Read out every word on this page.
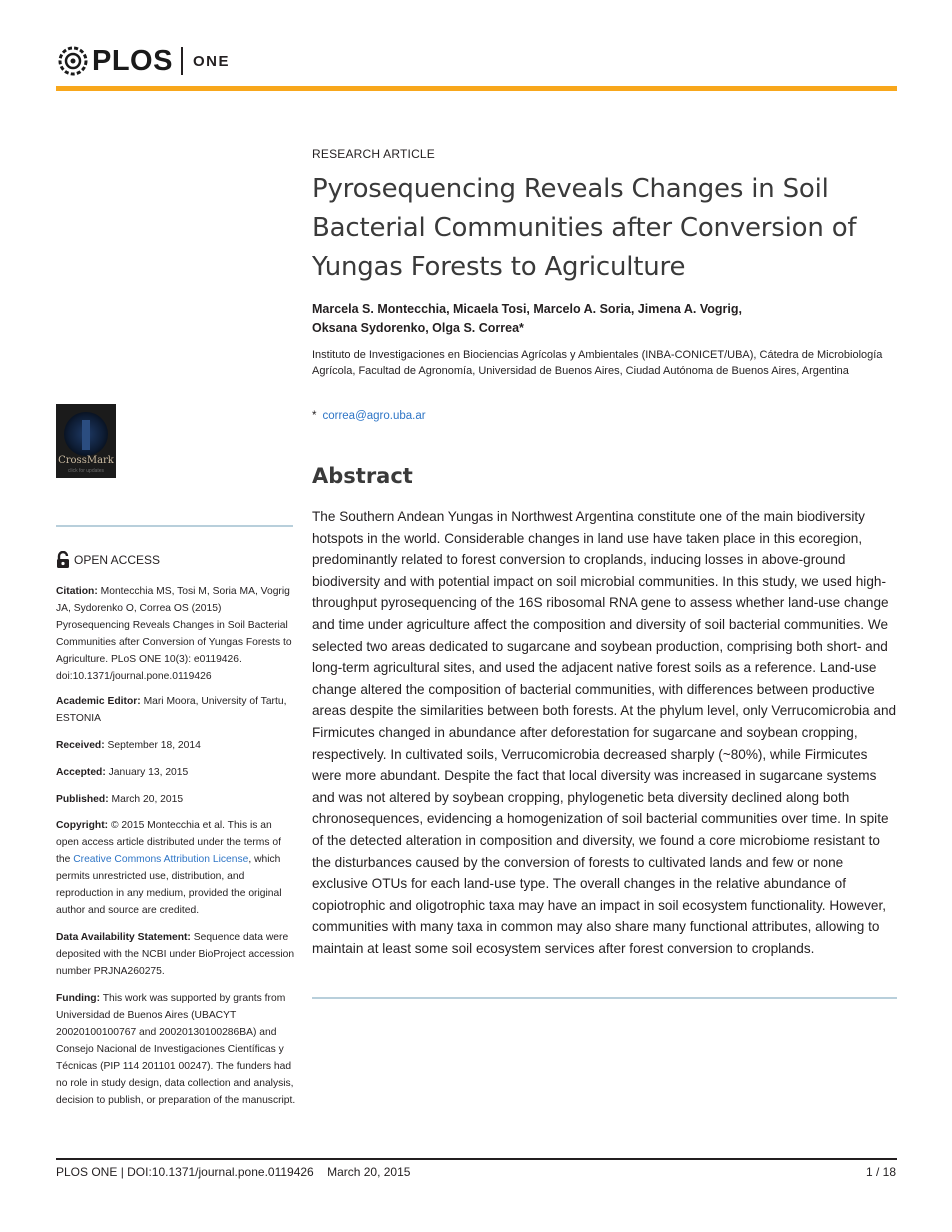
PLOS ONE
CrossMark
click for updates
OPEN ACCESS
Citation: Montecchia MS, Tosi M, Soria MA, Vogrig JA, Sydorenko O, Correa OS (2015) Pyrosequencing Reveals Changes in Soil Bacterial Communities after Conversion of Yungas Forests to Agriculture. PLoS ONE 10(3): e0119426. doi:10.1371/journal.pone.0119426
Academic Editor: Mari Moora, University of Tartu, ESTONIA
Received: September 18, 2014
Accepted: January 13, 2015
Published: March 20, 2015
Copyright: © 2015 Montecchia et al. This is an open access article distributed under the terms of the Creative Commons Attribution License, which permits unrestricted use, distribution, and reproduction in any medium, provided the original author and source are credited.
Data Availability Statement: Sequence data were deposited with the NCBI under BioProject accession number PRJNA260275.
Funding: This work was supported by grants from Universidad de Buenos Aires (UBACYT 20020100100767 and 20020130100286BA) and Consejo Nacional de Investigaciones Científicas y Técnicas (PIP 114 201101 00247). The funders had no role in study design, data collection and analysis, decision to publish, or preparation of the manuscript.
RESEARCH ARTICLE
Pyrosequencing Reveals Changes in Soil Bacterial Communities after Conversion of Yungas Forests to Agriculture
Marcela S. Montecchia, Micaela Tosi, Marcelo A. Soria, Jimena A. Vogrig,
Oksana Sydorenko, Olga S. Correa*
Instituto de Investigaciones en Biociencias Agrícolas y Ambientales (INBA-CONICET/UBA), Cátedra de Microbiología Agrícola, Facultad de Agronomía, Universidad de Buenos Aires, Ciudad Autónoma de Buenos Aires, Argentina
* correa@agro.uba.ar
Abstract

The Southern Andean Yungas in Northwest Argentina constitute one of the main biodiversity hotspots in the world. Considerable changes in land use have taken place in this ecoregion, predominantly related to forest conversion to croplands, inducing losses in above-ground biodiversity and with potential impact on soil microbial communities. In this study, we used high-throughput pyrosequencing of the 16S ribosomal RNA gene to assess whether land-use change and time under agriculture affect the composition and diversity of soil bacterial communities. We selected two areas dedicated to sugarcane and soybean production, comprising both short- and long-term agricultural sites, and used the adjacent native forest soils as a reference. Land-use change altered the composition of bacterial communities, with differences between productive areas despite the similarities between both forests. At the phylum level, only Verrucomicrobia and Firmicutes changed in abundance after deforestation for sugarcane and soybean cropping, respectively. In cultivated soils, Verrucomicrobia decreased sharply (~80%), while Firmicutes were more abundant. Despite the fact that local diversity was increased in sugarcane systems and was not altered by soybean cropping, phylogenetic beta diversity declined along both chronosequences, evidencing a homogenization of soil bacterial communities over time. In spite of the detected alteration in composition and diversity, we found a core microbiome resistant to the disturbances caused by the conversion of forests to cultivated lands and few or none exclusive OTUs for each land-use type. The overall changes in the relative abundance of copiotrophic and oligotrophic taxa may have an impact in soil ecosystem functionality. However, communities with many taxa in common may also share many functional attributes, allowing to maintain at least some soil ecosystem services after forest conversion to croplands.

PLOS ONE | DOI:10.1371/journal.pone.0119426    March 20, 2015	1 / 18
